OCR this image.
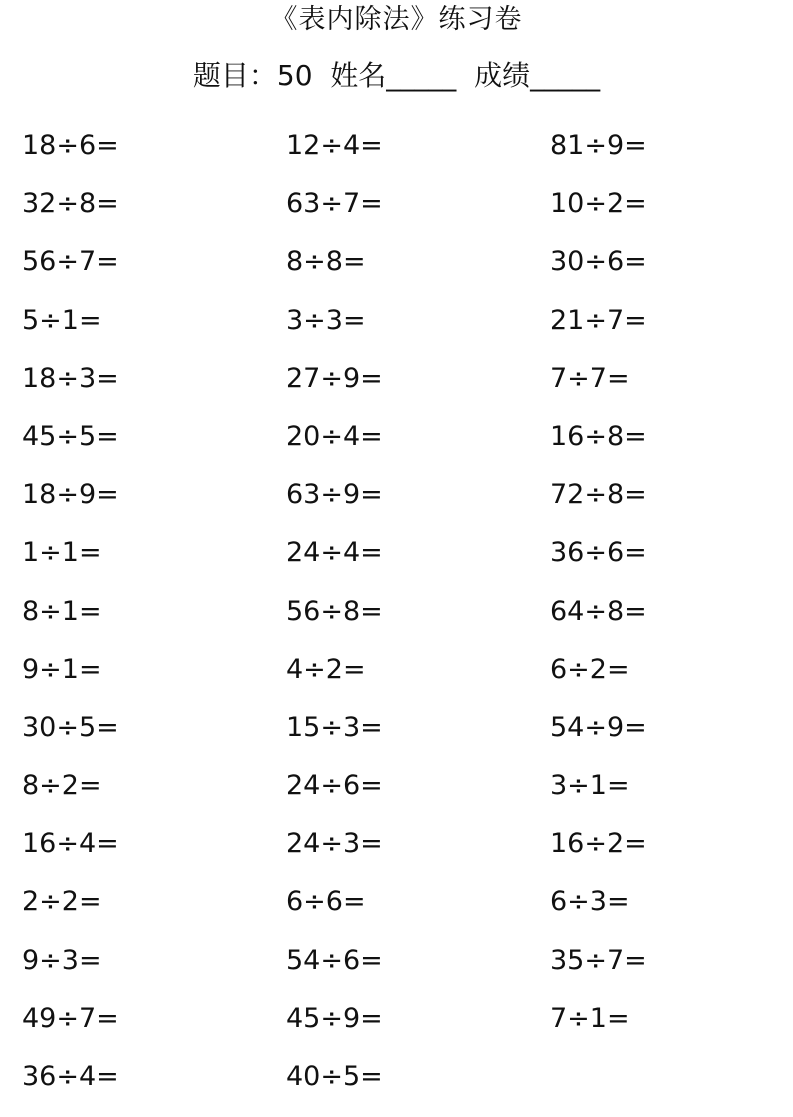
《表内除法》练习卷
题目：50  姓名_____  成绩_____
18÷6=	12÷4=	81÷9=
32÷8=	63÷7=	10÷2=
56÷7=	8÷8=	30÷6=
5÷1=	3÷3=	21÷7=
18÷3=	27÷9=	7÷7=
45÷5=	20÷4=	16÷8=
18÷9=	63÷9=	72÷8=
1÷1=	24÷4=	36÷6=
8÷1=	56÷8=	64÷8=
9÷1=	4÷2=	6÷2=
30÷5=	15÷3=	54÷9=
8÷2=	24÷6=	3÷1=
16÷4=	24÷3=	16÷2=
2÷2=	6÷6=	6÷3=
9÷3=	54÷6=	35÷7=
49÷7=	45÷9=	7÷1=
36÷4=	40÷5=
